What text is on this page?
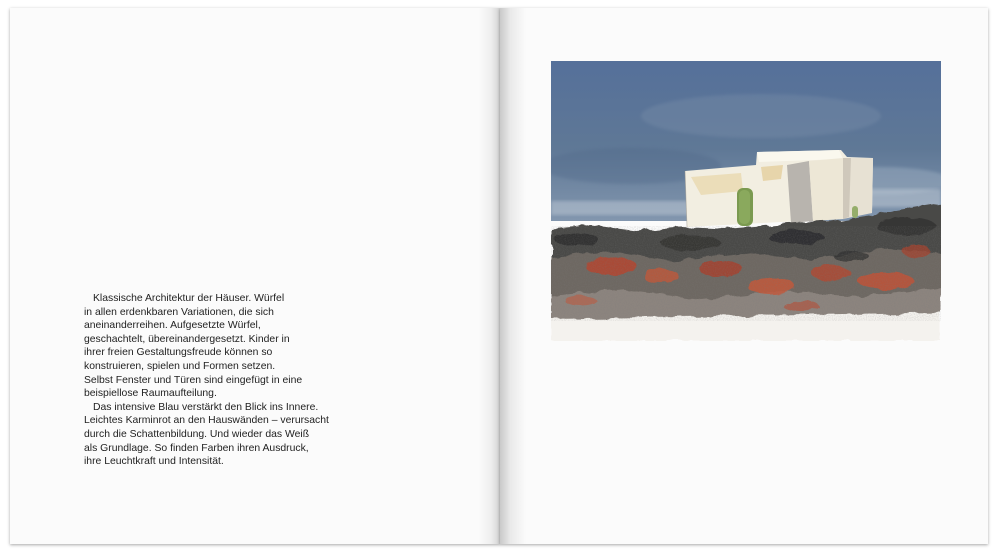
Klassische Architektur der Häuser. Würfel

in allen erdenkbaren Variationen, die sich

aneinanderreihen. Aufgesetzte Würfel,

geschachtelt, übereinandergesetzt. Kinder in

ihrer freien Gestaltungsfreude können so

konstruieren, spielen und Formen setzen.

Selbst Fenster und Türen sind eingefügt in eine

beispiellose Raumaufteilung.

Das intensive Blau verstärkt den Blick ins Innere.

Leichtes Karminrot an den Hauswänden – verursacht

durch die Schattenbildung. Und wieder das Weiß

als Grundlage. So finden Farben ihren Ausdruck,

ihre Leuchtkraft und Intensität.
